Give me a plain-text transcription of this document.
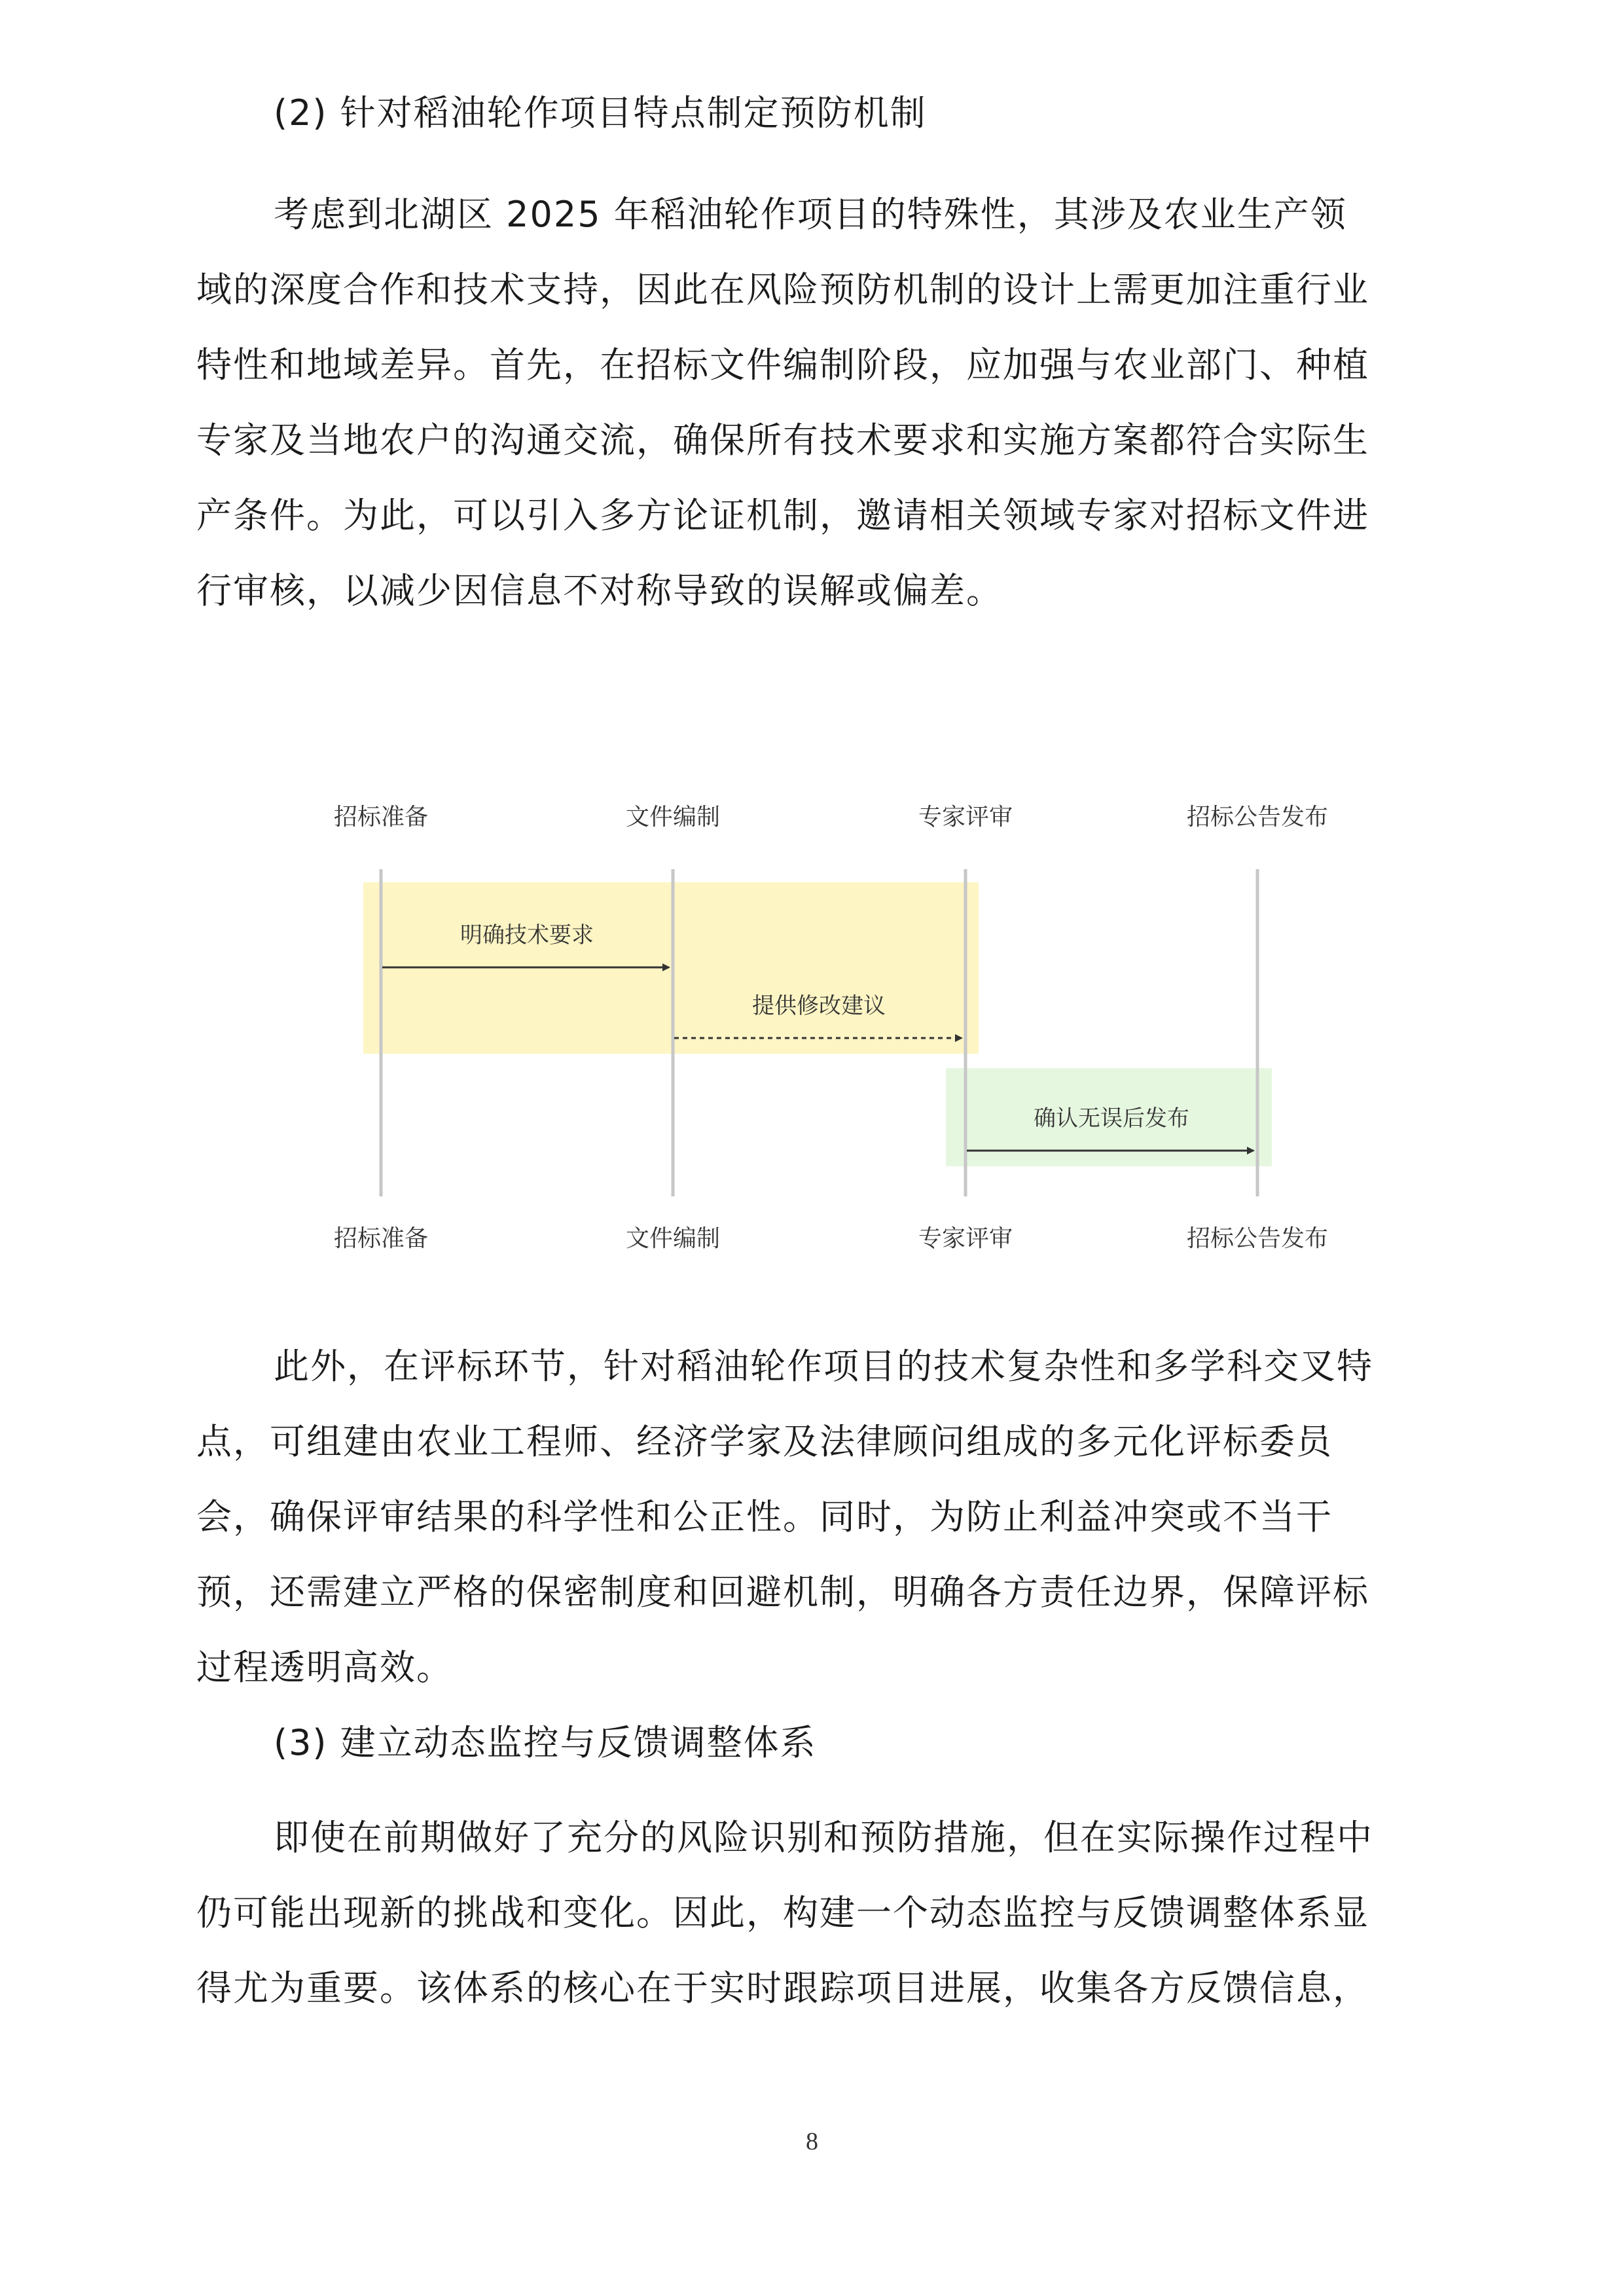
(2) 针对稻油轮作项目特点制定预防机制
考虑到北湖区 2025 年稻油轮作项目的特殊性，其涉及农业生产领
域的深度合作和技术支持，因此在风险预防机制的设计上需更加注重行业
特性和地域差异。首先，在招标文件编制阶段，应加强与农业部门、种植
专家及当地农户的沟通交流，确保所有技术要求和实施方案都符合实际生
产条件。为此，可以引入多方论证机制，邀请相关领域专家对招标文件进
行审核，以减少因信息不对称导致的误解或偏差。
招标准备	文件编制	专家评审	招标公告发布
明确技术要求
提供修改建议
确认无误后发布
招标准备	文件编制	专家评审	招标公告发布
此外，在评标环节，针对稻油轮作项目的技术复杂性和多学科交叉特
点，可组建由农业工程师、经济学家及法律顾问组成的多元化评标委员
会，确保评审结果的科学性和公正性。同时，为防止利益冲突或不当干
预，还需建立严格的保密制度和回避机制，明确各方责任边界，保障评标
过程透明高效。
(3) 建立动态监控与反馈调整体系
即使在前期做好了充分的风险识别和预防措施，但在实际操作过程中
仍可能出现新的挑战和变化。因此，构建一个动态监控与反馈调整体系显
得尤为重要。该体系的核心在于实时跟踪项目进展，收集各方反馈信息，
8
